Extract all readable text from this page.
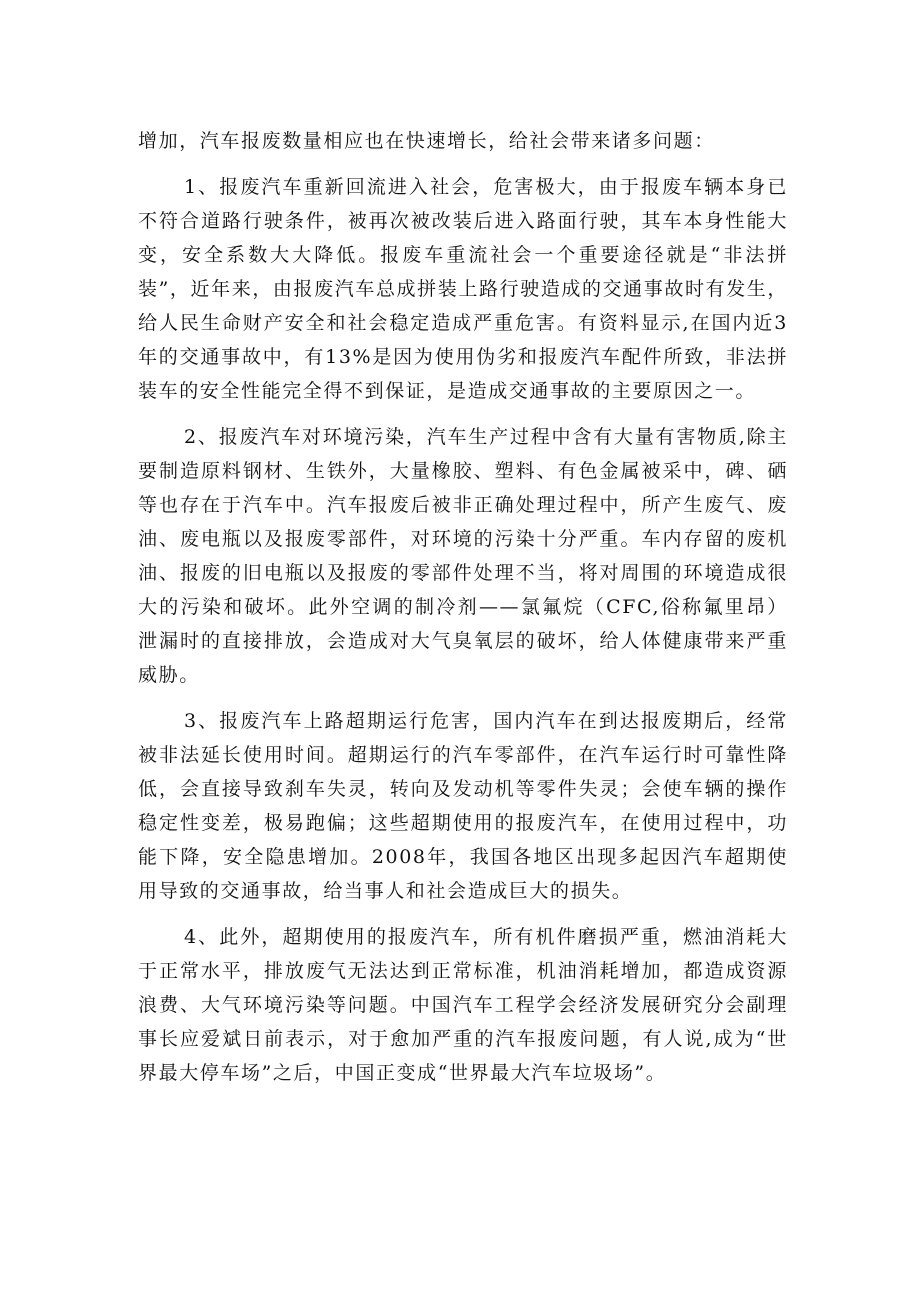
增加，汽车报废数量相应也在快速增长，给社会带来诸多问题：

1、报废汽车重新回流进入社会，危害极大，由于报废车辆本身已不符合道路行驶条件，被再次被改装后进入路面行驶，其车本身性能大变，安全系数大大降低。报废车重流社会一个重要途径就是“非法拼装”，近年来，由报废汽车总成拼装上路行驶造成的交通事故时有发生，给人民生命财产安全和社会稳定造成严重危害。有资料显示,在国内近3年的交通事故中，有13%是因为使用伪劣和报废汽车配件所致，非法拼装车的安全性能完全得不到保证，是造成交通事故的主要原因之一。

2、报废汽车对环境污染，汽车生产过程中含有大量有害物质,除主要制造原料钢材、生铁外，大量橡胶、塑料、有色金属被采中，碑、硒等也存在于汽车中。汽车报废后被非正确处理过程中，所产生废气、废油、废电瓶以及报废零部件，对环境的污染十分严重。车内存留的废机油、报废的旧电瓶以及报废的零部件处理不当，将对周围的环境造成很大的污染和破坏。此外空调的制冷剂——氯氟烷（CFC,俗称氟里昂）泄漏时的直接排放，会造成对大气臭氧层的破坏，给人体健康带来严重威胁。

3、报废汽车上路超期运行危害，国内汽车在到达报废期后，经常被非法延长使用时间。超期运行的汽车零部件，在汽车运行时可靠性降低，会直接导致刹车失灵，转向及发动机等零件失灵；会使车辆的操作稳定性变差，极易跑偏；这些超期使用的报废汽车，在使用过程中，功能下降，安全隐患增加。2008年，我国各地区出现多起因汽车超期使用导致的交通事故，给当事人和社会造成巨大的损失。

4、此外，超期使用的报废汽车，所有机件磨损严重，燃油消耗大于正常水平，排放废气无法达到正常标准，机油消耗增加，都造成资源浪费、大气环境污染等问题。中国汽车工程学会经济发展研究分会副理事长应爱斌日前表示，对于愈加严重的汽车报废问题，有人说,成为“世界最大停车场”之后，中国正变成“世界最大汽车垃圾场”。
